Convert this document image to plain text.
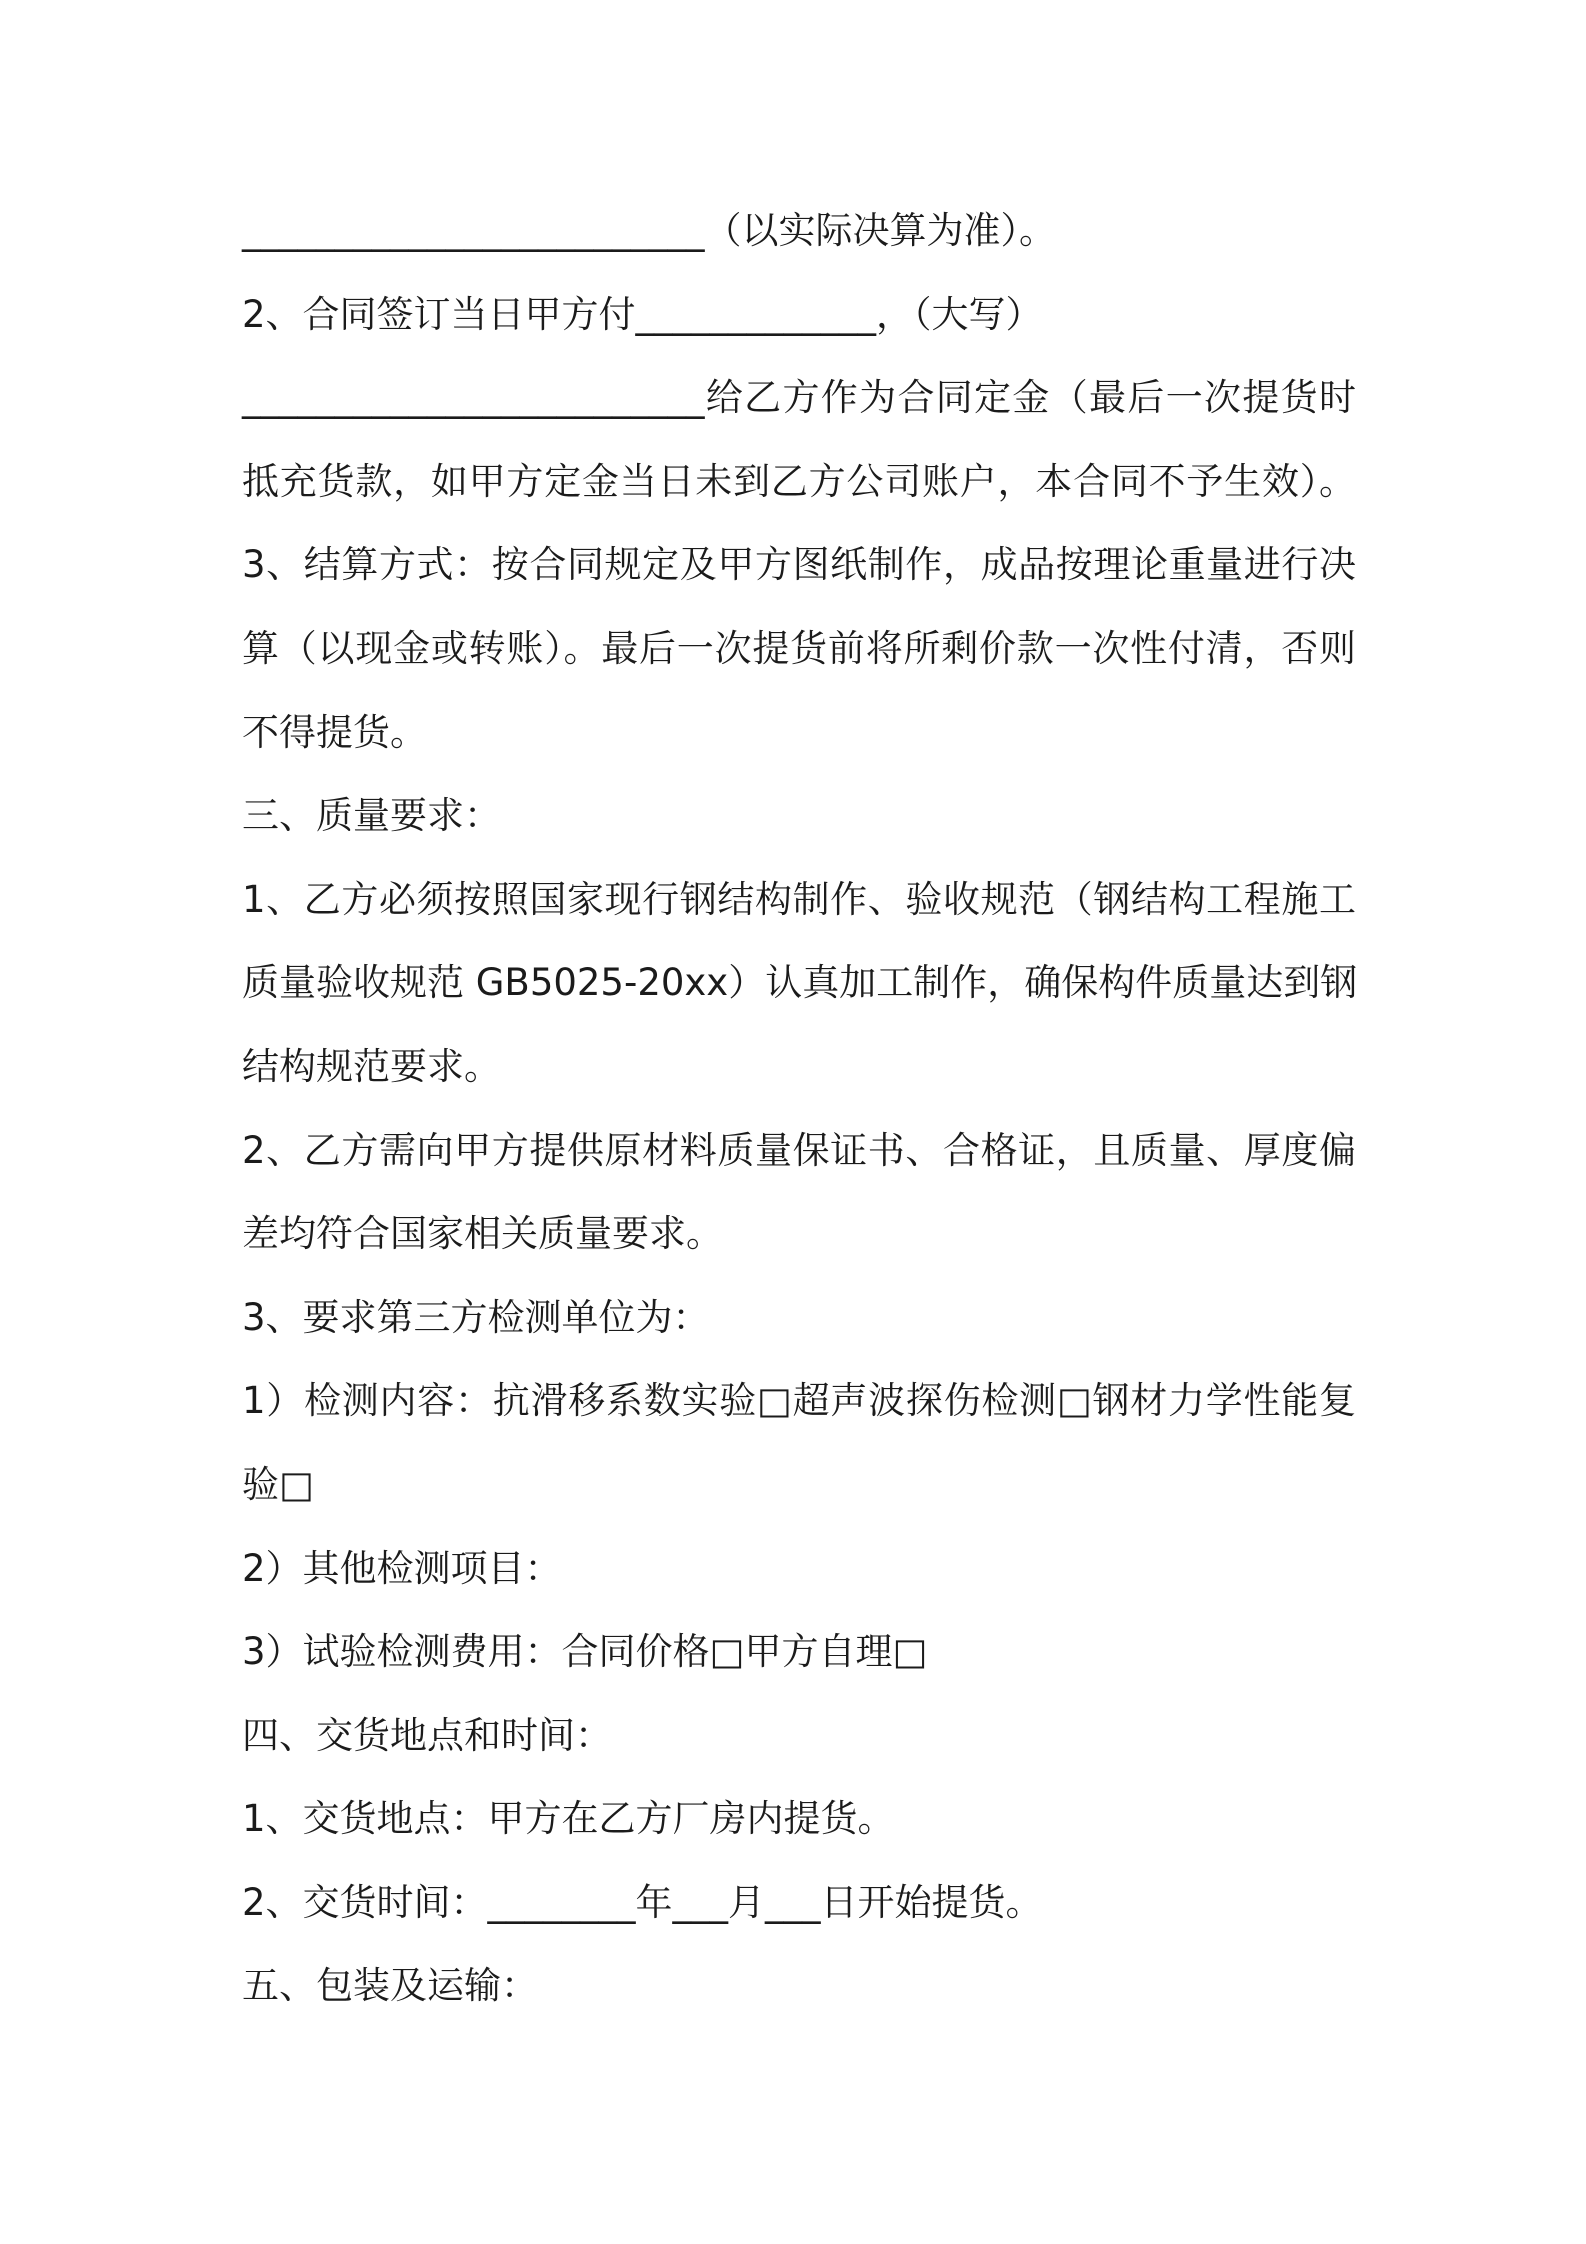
_________________________（以实际决算为准）。
2、合同签订当日甲方付_____________，（大写）
_________________________给乙方作为合同定金（最后一次提货时
抵充货款，如甲方定金当日未到乙方公司账户，本合同不予生效）。
3、结算方式：按合同规定及甲方图纸制作，成品按理论重量进行决
算（以现金或转账）。最后一次提货前将所剩价款一次性付清，否则
不得提货。
三、质量要求：
1、乙方必须按照国家现行钢结构制作、验收规范（钢结构工程施工
质量验收规范 GB5025-20xx）认真加工制作，确保构件质量达到钢
结构规范要求。
2、乙方需向甲方提供原材料质量保证书、合格证，且质量、厚度偏
差均符合国家相关质量要求。
3、要求第三方检测单位为：
1）检测内容：抗滑移系数实验□超声波探伤检测□钢材力学性能复
验□
2）其他检测项目：
3）试验检测费用：合同价格□甲方自理□
四、交货地点和时间：
1、交货地点：甲方在乙方厂房内提货。
2、交货时间：________年___月___日开始提货。
五、包装及运输：
